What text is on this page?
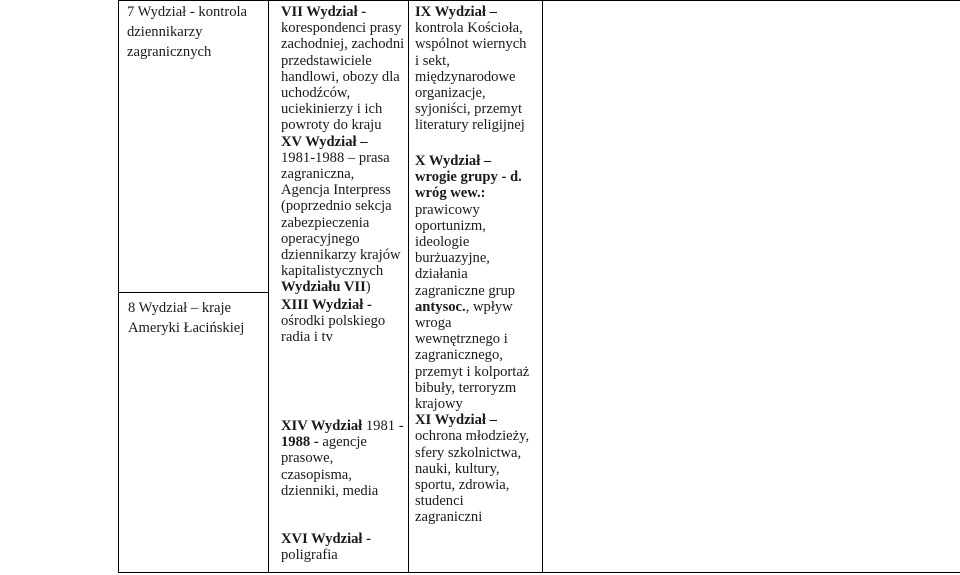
7 Wydział - kontrola

dziennikarzy

zagranicznych

8 Wydział – kraje

Ameryki Łacińskiej

VII Wydział -

korespondenci prasy

zachodniej, zachodni

przedstawiciele

handlowi, obozy dla

uchodźców,

uciekinierzy i ich

powroty do kraju

XV Wydział –

1981-1988 – prasa

zagraniczna,

Agencja Interpress

(poprzednio sekcja

zabezpieczenia

operacyjnego

dziennikarzy krajów

kapitalistycznych

Wydziału VII)

XIII Wydział -

ośrodki polskiego

radia i tv

XIV Wydział 1981 -

1988 - agencje

prasowe,

czasopisma,

dzienniki, media

XVI Wydział -

poligrafia

IX Wydział –

kontrola Kościoła,

wspólnot wiernych

i sekt,

międzynarodowe

organizacje,

syjoniści, przemyt

literatury religijnej

X Wydział –

wrogie grupy - d.

wróg wew.:

prawicowy

oportunizm,

ideologie

burżuazyjne,

działania

zagraniczne grup

antysoc., wpływ

wroga

wewnętrznego i

zagranicznego,

przemyt i kolportaż

bibuły, terroryzm

krajowy

XI Wydział –

ochrona młodzieży,

sfery szkolnictwa,

nauki, kultury,

sportu, zdrowia,

studenci

zagraniczni
